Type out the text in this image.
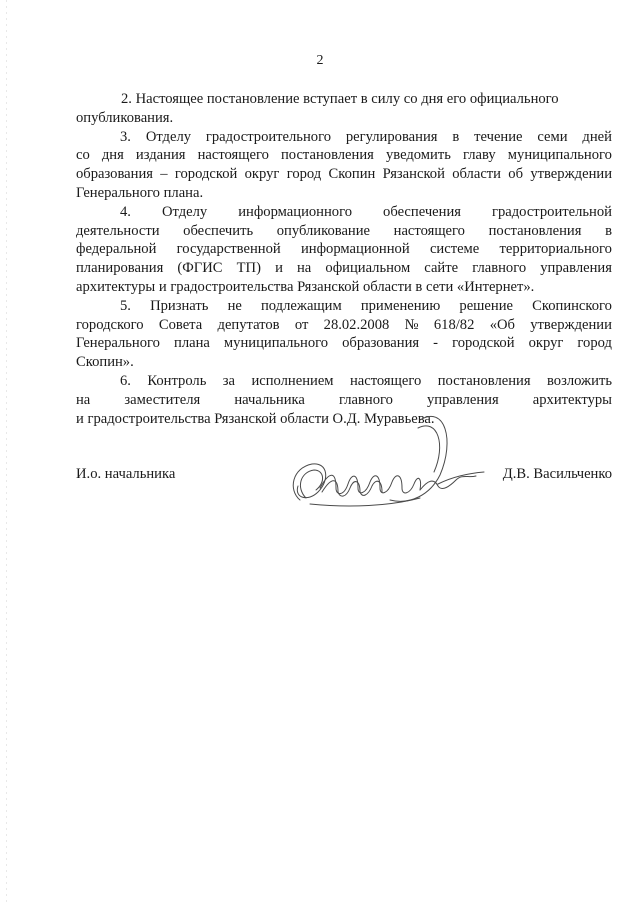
2
2. Настоящее постановление вступает в силу со дня его официального
опубликования.
3. Отделу градостроительного регулирования в течение семи дней
со дня издания настоящего постановления уведомить главу муниципального
образования – городской округ город Скопин Рязанской области об утверждении
Генерального плана.
4. Отделу информационного обеспечения градостроительной
деятельности обеспечить опубликование настоящего постановления в
федеральной государственной информационной системе территориального
планирования (ФГИС ТП) и на официальном сайте главного управления
архитектуры и градостроительства Рязанской области в сети «Интернет».
5. Признать не подлежащим применению решение Скопинского
городского Совета депутатов от 28.02.2008 № 618/82 «Об утверждении
Генерального плана муниципального образования - городской округ город
Скопин».
6. Контроль за исполнением настоящего постановления возложить
на заместителя начальника главного управления архитектуры
и градостроительства Рязанской области О.Д. Муравьева.
И.о. начальника	Д.В. Васильченко
